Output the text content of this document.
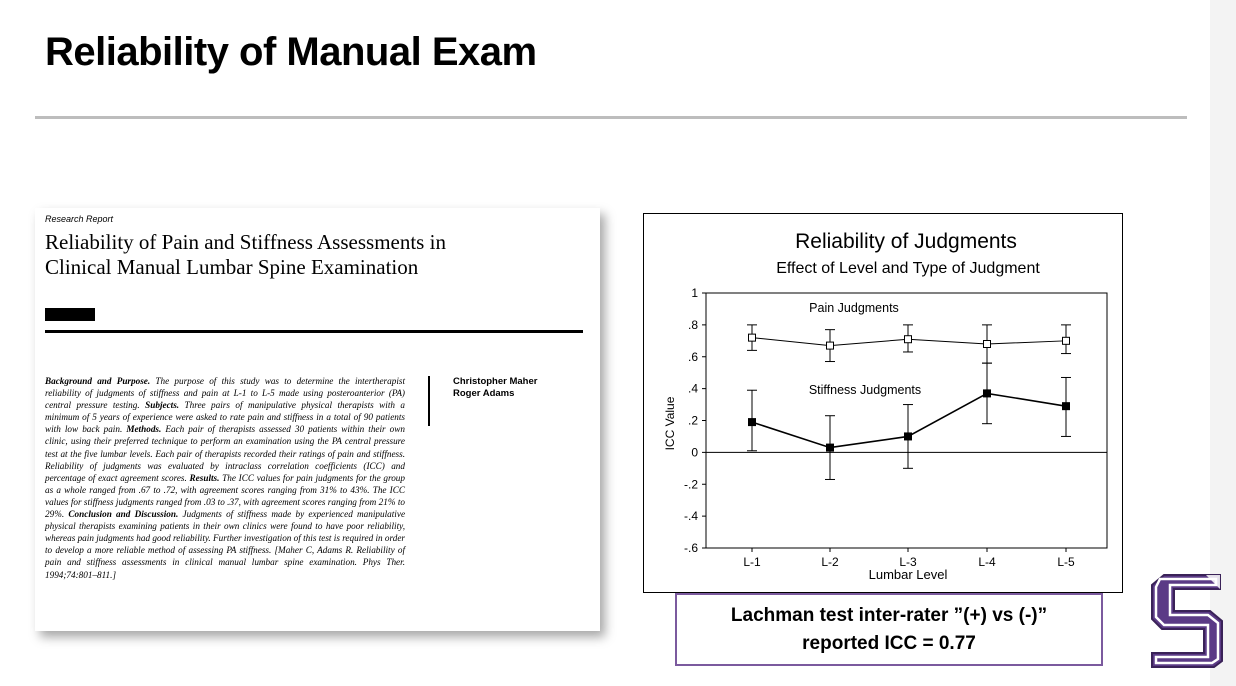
Reliability of Manual Exam
Research Report
Reliability of Pain and Stiffness Assessments in
Clinical Manual Lumbar Spine Examination
Background and Purpose. The purpose of this study was to determine the intertherapist reliability of judgments of stiffness and pain at L-1 to L-5 made using posteroanterior (PA) central pressure testing. Subjects. Three pairs of manipulative physical therapists with a minimum of 5 years of experience were asked to rate pain and stiffness in a total of 90 patients with low back pain. Methods. Each pair of therapists assessed 30 patients within their own clinic, using their preferred technique to perform an examination using the PA central pressure test at the five lumbar levels. Each pair of therapists recorded their ratings of pain and stiffness. Reliability of judgments was evaluated by intraclass correlation coefficients (ICC) and percentage of exact agreement scores. Results. The ICC values for pain judgments for the group as a whole ranged from .67 to .72, with agreement scores ranging from 31% to 43%. The ICC values for stiffness judgments ranged from .03 to .37, with agreement scores ranging from 21% to 29%. Conclusion and Discussion. Judgments of stiffness made by experienced manipulative physical therapists examining patients in their own clinics were found to have poor reliability, whereas pain judgments had good reliability. Further investigation of this test is required in order to develop a more reliable method of assessing PA stiffness. [Maher C, Adams R. Reliability of pain and stiffness assessments in clinical manual lumbar spine examination. Phys Ther. 1994;74:801–811.]
Christopher Maher
Roger Adams
Reliability of Judgments
Effect of Level and Type of Judgment
1
.8
.6
.4
.2
0
-.2
-.4
-.6
L-1	L-2	L-3	L-4	L-5
Lumbar Level
ICC Value
Pain Judgments
Stiffness Judgments
Lachman test inter-rater ”(+) vs (-)”
reported ICC = 0.77
